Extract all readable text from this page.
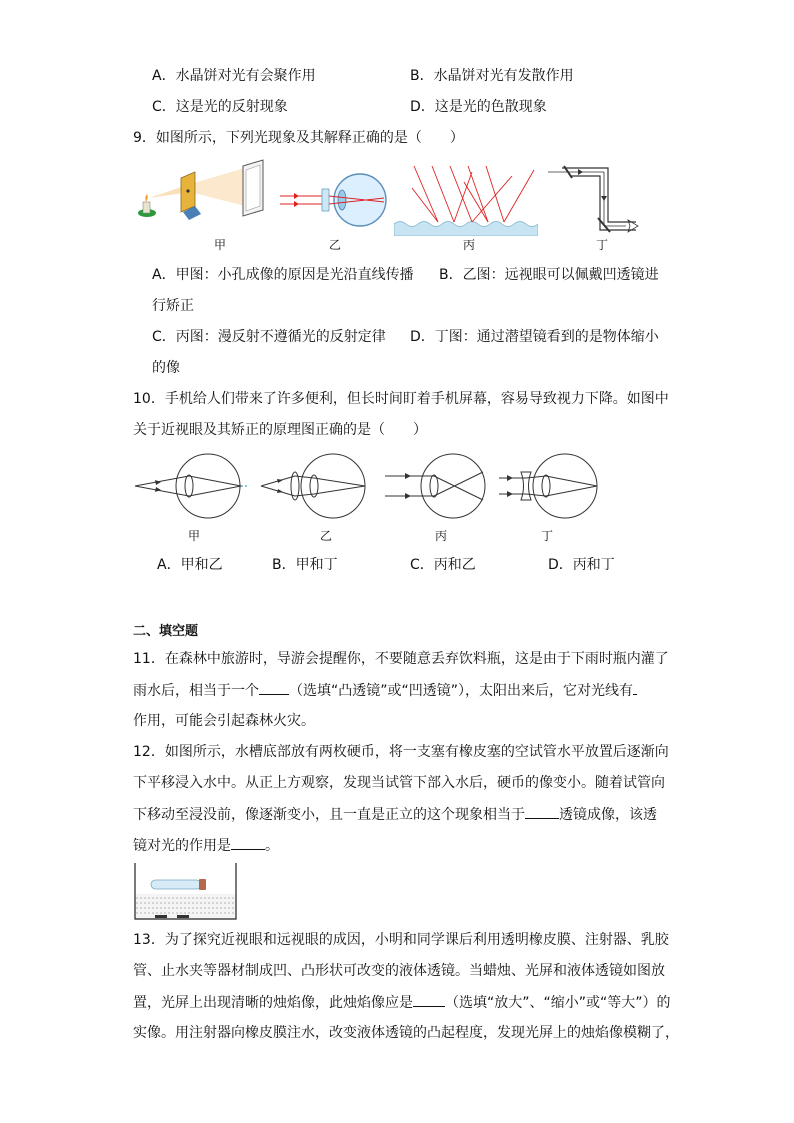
A．水晶饼对光有会聚作用	B．水晶饼对光有发散作用
C．这是光的反射现象	D．这是光的色散现象
9．如图所示，下列光现象及其解释正确的是（　　）
甲	乙	丙	丁
A．甲图：小孔成像的原因是光沿直线传播 B．乙图：远视眼可以佩戴凹透镜进
行矫正
C．丙图：漫反射不遵循光的反射定律 D．丁图：通过潜望镜看到的是物体缩小
的像
10．手机给人们带来了许多便利，但长时间盯着手机屏幕，容易导致视力下降。如图中
关于近视眼及其矫正的原理图正确的是（　　）
甲	乙	丙	丁
A．甲和乙	B．甲和丁	C．丙和乙	D．丙和丁
二、填空题
11．在森林中旅游时，导游会提醒你，不要随意丢弃饮料瓶，这是由于下雨时瓶内灌了
雨水后，相当于一个 （选填“凸透镜”或“凹透镜”），太阳出来后，它对光线有
作用，可能会引起森林火灾。
12．如图所示，水槽底部放有两枚硬币，将一支塞有橡皮塞的空试管水平放置后逐渐向
下平移浸入水中。从正上方观察，发现当试管下部入水后，硬币的像变小。随着试管向
下移动至浸没前，像逐渐变小，且一直是正立的这个现象相当于 透镜成像，该透
镜对光的作用是 。
13．为了探究近视眼和远视眼的成因，小明和同学课后利用透明橡皮膜、注射器、乳胶
管、止水夹等器材制成凹、凸形状可改变的液体透镜。当蜡烛、光屏和液体透镜如图放
置，光屏上出现清晰的烛焰像，此烛焰像应是 （选填“放大”、“缩小”或“等大”）的
实像。用注射器向橡皮膜注水，改变液体透镜的凸起程度，发现光屏上的烛焰像模糊了，
